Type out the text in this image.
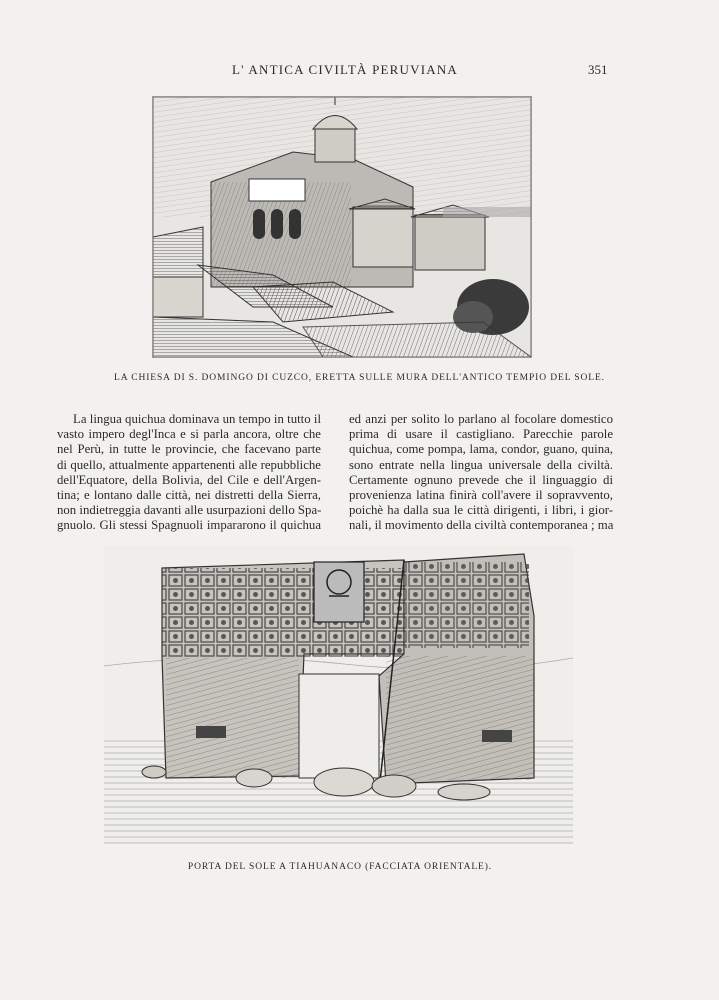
L' ANTICA CIVILTÀ PERUVIANA	351
LA CHIESA DI S. DOMINGO DI CUZCO, ERETTA SULLE MURA DELL'ANTICO TEMPIO DEL SOLE.

La lingua quichua dominava un tempo in tutto il
vasto impero degl'Inca e si parla ancora, oltre che
nel Perù, in tutte le provincie, che facevano parte
di quello, attualmente appartenenti alle repubbliche
dell'Equatore, della Bolivia, del Cile e dell'Argen-
tina; e lontano dalle città, nei distretti della Sierra,
non indietreggia davanti alle usurpazioni dello Spa-
gnuolo. Gli stessi Spagnuoli impararono il quichua

ed anzi per solito lo parlano al focolare domestico
prima di usare il castigliano. Parecchie parole
quichua, come pompa, lama, condor, guano, quina,
sono entrate nella lingua universale della civiltà.
Certamente ognuno prevede che il linguaggio di
provenienza latina finirà coll'avere il sopravvento,
poichè ha dalla sua le città dirigenti, i libri, i gior-
nali, il movimento della civiltà contemporanea ; ma

PORTA DEL SOLE A TIAHUANACO (FACCIATA ORIENTALE).
